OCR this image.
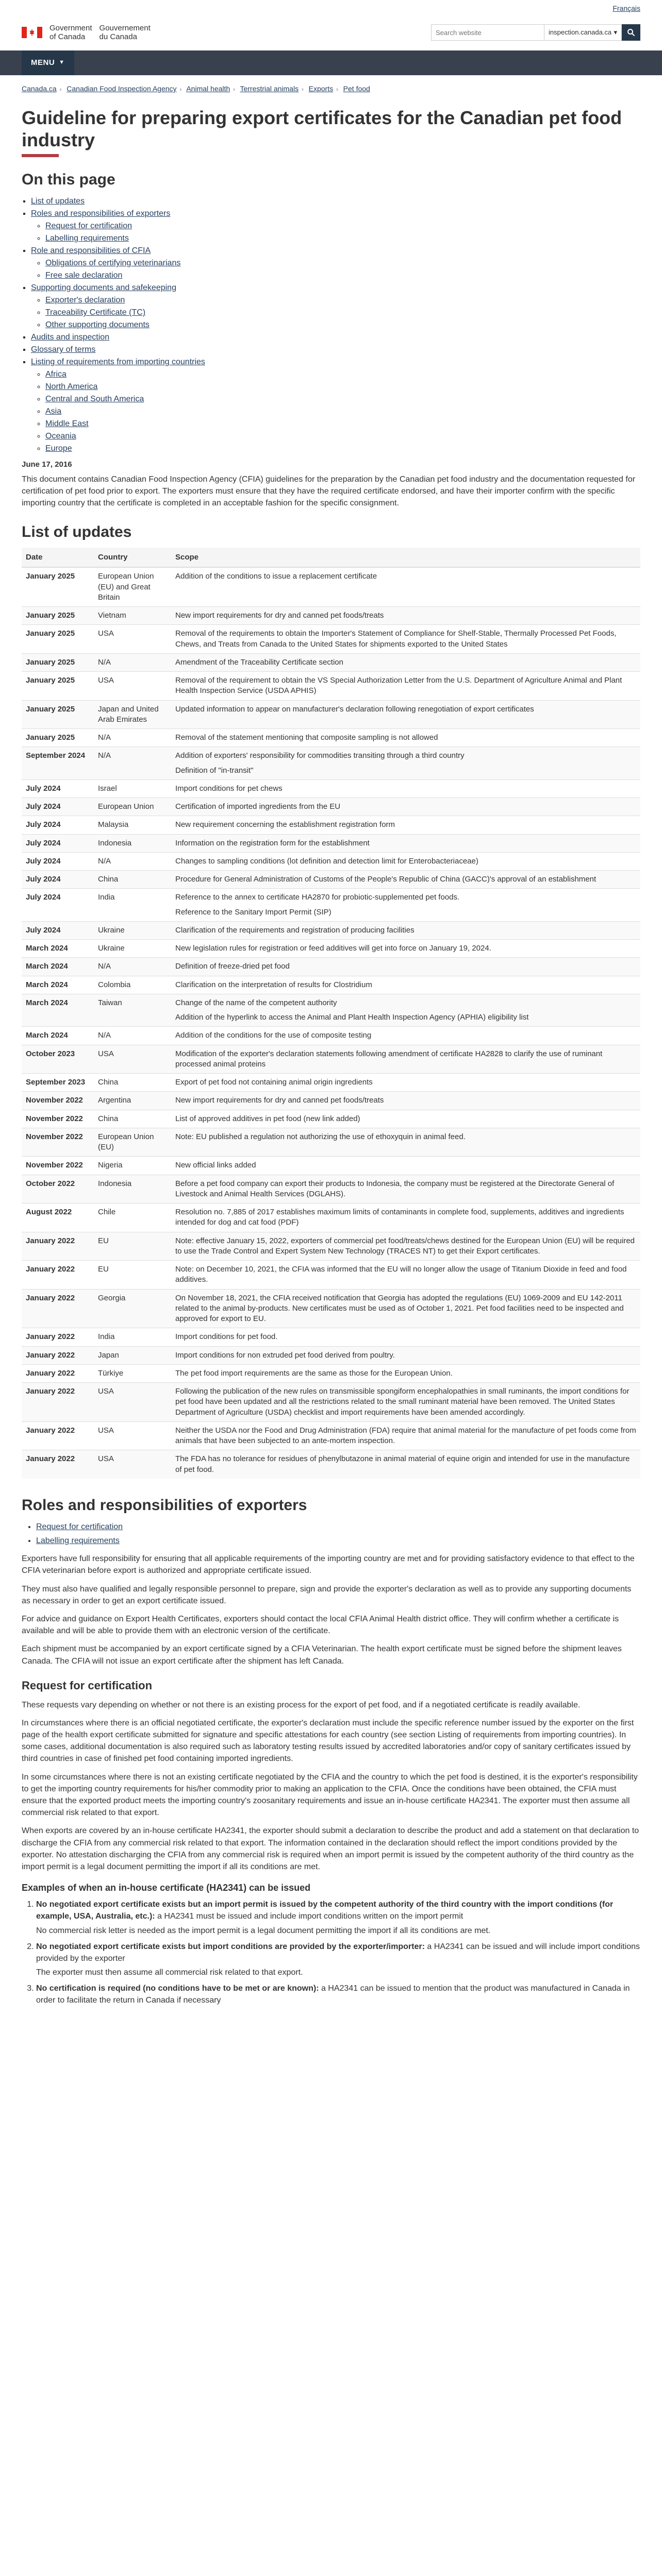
Français
Government
of Canada
Gouvernement
du Canada
Search website
inspection.canada.ca ▾
MENU ▼
Canada.ca › Canadian Food Inspection Agency › Animal health › Terrestrial animals › Exports › Pet food
Guideline for preparing export certificates for the Canadian pet food industry
On this page
▪ List of updates
▪ Roles and responsibilities of exporters
◦ Request for certification
◦ Labelling requirements
▪ Role and responsibilities of CFIA
◦ Obligations of certifying veterinarians
◦ Free sale declaration
▪ Supporting documents and safekeeping
◦ Exporter's declaration
◦ Traceability Certificate (TC)
◦ Other supporting documents
▪ Audits and inspection
▪ Glossary of terms
▪ Listing of requirements from importing countries
◦ Africa
◦ North America
◦ Central and South America
◦ Asia
◦ Middle East
◦ Oceania
◦ Europe

June 17, 2016

This document contains Canadian Food Inspection Agency (CFIA) guidelines for the preparation by the Canadian pet food industry and the documentation requested for certification of pet food prior to export. The exporters must ensure that they have the required certificate endorsed, and have their importer confirm with the specific importing country that the certificate is completed in an acceptable fashion for the specific consignment.

List of updates
Date	Country	Scope
January 2025	European Union (EU) and Great Britain	Addition of the conditions to issue a replacement certificate

January 2025	Vietnam	New import requirements for dry and canned pet foods/treats

January 2025	USA	Removal of the requirements to obtain the Importer's Statement of Compliance for Shelf-Stable, Thermally Processed Pet Foods, Chews, and Treats from Canada to the United States for shipments exported to the United States

January 2025	N/A	Amendment of the Traceability Certificate section

January 2025	USA	Removal of the requirement to obtain the VS Special Authorization Letter from the U.S. Department of Agriculture Animal and Plant Health Inspection Service (USDA APHIS)

January 2025	Japan and United Arab Emirates	Updated information to appear on manufacturer's declaration following renegotiation of export certificates

January 2025	N/A	Removal of the statement mentioning that composite sampling is not allowed

September 2024	N/A	Addition of exporters' responsibility for commodities transiting through a third country
Definition of "in-transit"

July 2024	Israel	Import conditions for pet chews

July 2024	European Union	Certification of imported ingredients from the EU

July 2024	Malaysia	New requirement concerning the establishment registration form

July 2024	Indonesia	Information on the registration form for the establishment

July 2024	N/A	Changes to sampling conditions (lot definition and detection limit for Enterobacteriaceae)

July 2024	China	Procedure for General Administration of Customs of the People's Republic of China (GACC)'s approval of an establishment

July 2024	India	Reference to the annex to certificate HA2870 for probiotic-supplemented pet foods.
Reference to the Sanitary Import Permit (SIP)

July 2024	Ukraine	Clarification of the requirements and registration of producing facilities

March 2024	Ukraine	New legislation rules for registration or feed additives will get into force on January 19, 2024.

March 2024	N/A	Definition of freeze-dried pet food

March 2024	Colombia	Clarification on the interpretation of results for Clostridium

March 2024	Taiwan	Change of the name of the competent authority
Addition of the hyperlink to access the Animal and Plant Health Inspection Agency (APHIA) eligibility list

March 2024	N/A	Addition of the conditions for the use of composite testing

October 2023	USA	Modification of the exporter's declaration statements following amendment of certificate HA2828 to clarify the use of ruminant processed animal proteins

September 2023	China	Export of pet food not containing animal origin ingredients

November 2022	Argentina	New import requirements for dry and canned pet foods/treats

November 2022	China	List of approved additives in pet food (new link added)

November 2022	European Union (EU)	Note: EU published a regulation not authorizing the use of ethoxyquin in animal feed.

November 2022	Nigeria	New official links added

October 2022	Indonesia	Before a pet food company can export their products to Indonesia, the company must be registered at the Directorate General of Livestock and Animal Health Services (DGLAHS).

August 2022	Chile	Resolution no. 7,885 of 2017 establishes maximum limits of contaminants in complete food, supplements, additives and ingredients intended for dog and cat food (PDF)

January 2022	EU	Note: effective January 15, 2022, exporters of commercial pet food/treats/chews destined for the European Union (EU) will be required to use the Trade Control and Expert System New Technology (TRACES NT) to get their Export certificates.

January 2022	EU	Note: on December 10, 2021, the CFIA was informed that the EU will no longer allow the usage of Titanium Dioxide in feed and food additives.

January 2022	Georgia	On November 18, 2021, the CFIA received notification that Georgia has adopted the regulations (EU) 1069-2009 and EU 142-2011 related to the animal by-products. New certificates must be used as of October 1, 2021. Pet food facilities need to be inspected and approved for export to EU.

January 2022	India	Import conditions for pet food.

January 2022	Japan	Import conditions for non extruded pet food derived from poultry.

January 2022	Türkiye	The pet food import requirements are the same as those for the European Union.

January 2022	USA	Following the publication of the new rules on transmissible spongiform encephalopathies in small ruminants, the import conditions for pet food have been updated and all the restrictions related to the small ruminant material have been removed. The United States Department of Agriculture (USDA) checklist and import requirements have been amended accordingly.

January 2022	USA	Neither the USDA nor the Food and Drug Administration (FDA) require that animal material for the manufacture of pet foods come from animals that have been subjected to an ante-mortem inspection.

January 2022	USA	The FDA has no tolerance for residues of phenylbutazone in animal material of equine origin and intended for use in the manufacture of pet food.
Roles and responsibilities of exporters
• Request for certification
• Labelling requirements

Exporters have full responsibility for ensuring that all applicable requirements of the importing country are met and for providing satisfactory evidence to that effect to the CFIA veterinarian before export is authorized and appropriate certificate issued.

They must also have qualified and legally responsible personnel to prepare, sign and provide the exporter's declaration as well as to provide any supporting documents as necessary in order to get an export certificate issued.

For advice and guidance on Export Health Certificates, exporters should contact the local CFIA Animal Health district office. They will confirm whether a certificate is available and will be able to provide them with an electronic version of the certificate.

Each shipment must be accompanied by an export certificate signed by a CFIA Veterinarian. The health export certificate must be signed before the shipment leaves Canada. The CFIA will not issue an export certificate after the shipment has left Canada.

Request for certification

These requests vary depending on whether or not there is an existing process for the export of pet food, and if a negotiated certificate is readily available.

In circumstances where there is an official negotiated certificate, the exporter's declaration must include the specific reference number issued by the exporter on the first page of the health export certificate submitted for signature and specific attestations for each country (see section Listing of requirements from importing countries). In some cases, additional documentation is also required such as laboratory testing results issued by accredited laboratories and/or copy of sanitary certificates issued by third countries in case of finished pet food containing imported ingredients.

In some circumstances where there is not an existing certificate negotiated by the CFIA and the country to which the pet food is destined, it is the exporter's responsibility to get the importing country requirements for his/her commodity prior to making an application to the CFIA. Once the conditions have been obtained, the CFIA must ensure that the exported product meets the importing country's zoosanitary requirements and issue an in-house certificate HA2341. The exporter must then assume all commercial risk related to that export.

When exports are covered by an in-house certificate HA2341, the exporter should submit a declaration to describe the product and add a statement on that declaration to discharge the CFIA from any commercial risk related to that export. The information contained in the declaration should reflect the import conditions provided by the exporter. No attestation discharging the CFIA from any commercial risk is required when an import permit is issued by the competent authority of the third country as the import permit is a legal document permitting the import if all its conditions are met.

Examples of when an in-house certificate (HA2341) can be issued
1. No negotiated export certificate exists but an import permit is issued by the competent authority of the third country with the import conditions (for example, USA, Australia, etc.): a HA2341 must be issued and include import conditions written on the import permit

No commercial risk letter is needed as the import permit is a legal document permitting the import if all its conditions are met.

2. No negotiated export certificate exists but import conditions are provided by the exporter/importer: a HA2341 can be issued and will include import conditions provided by the exporter

The exporter must then assume all commercial risk related to that export.

3. No certification is required (no conditions have to be met or are known): a HA2341 can be issued to mention that the product was manufactured in Canada in order to facilitate the return in Canada if necessary
